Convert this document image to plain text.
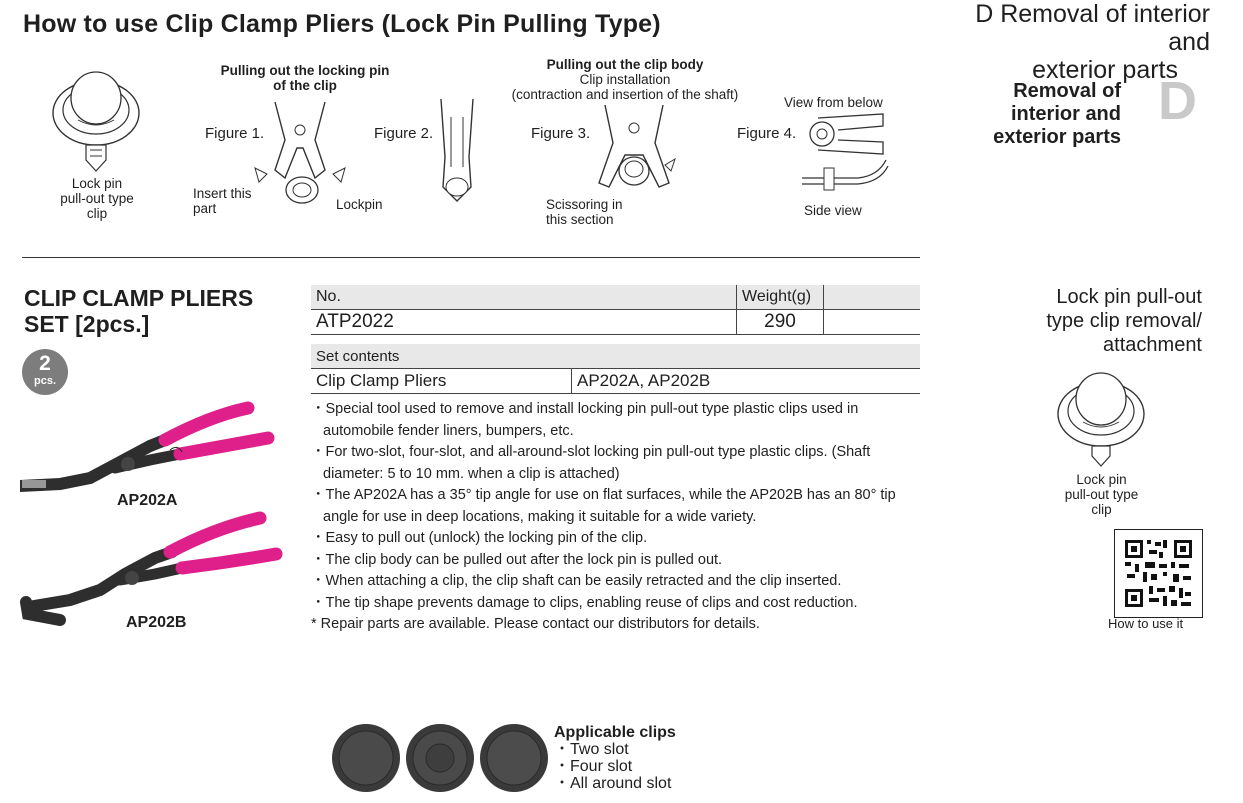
How to use Clip Clamp Pliers (Lock Pin Pulling Type)
Lock pin
pull-out type
clip
Pulling out the locking pin
of the clip
Figure 1.
Insert this
part	Lockpin
Figure 2.
Pulling out the clip body
Clip installation
(contraction and insertion of the shaft)
Figure 3.
Scissoring in
this section
View from below
Figure 4.
Side view
D Removal of interior and
exterior parts
Removal of
interior and
exterior parts
D
Lock pin pull-out
type clip removal/
attachment
Lock pin
pull-out type
clip
How to use it
CLIP CLAMP PLIERS
SET [2pcs.]
2
pcs.
AP202A
AP202B
No.	Weight(g)	
ATP2022	290	
Set contents
Clip Clamp Pliers	AP202A, AP202B
・Special tool used to remove and install locking pin pull-out type plastic clips used in automobile fender liners, bumpers, etc.
・For two-slot, four-slot, and all-around-slot locking pin pull-out type plastic clips. (Shaft diameter: 5 to 10 mm. when a clip is attached)
・The AP202A has a 35° tip angle for use on flat surfaces, while the AP202B has an 80° tip angle for use in deep locations, making it suitable for a wide variety.
・Easy to pull out (unlock) the locking pin of the clip.
・The clip body can be pulled out after the lock pin is pulled out.
・When attaching a clip, the clip shaft can be easily retracted and the clip inserted.
・The tip shape prevents damage to clips, enabling reuse of clips and cost reduction.
* Repair parts are available. Please contact our distributors for details.
Applicable clips
・Two slot
・Four slot
・All around slot
